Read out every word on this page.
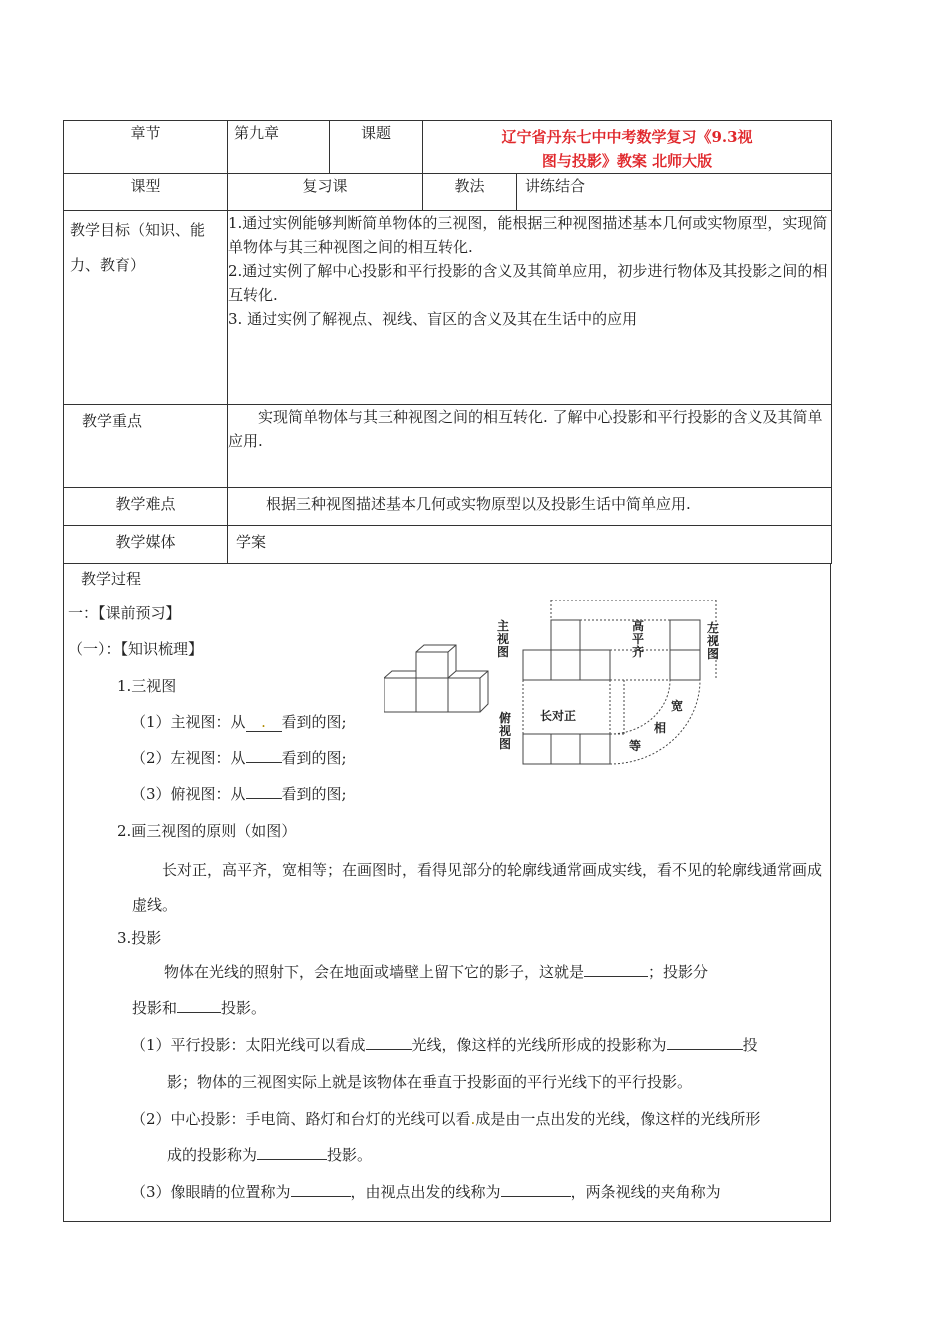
章节	第九章	课题	辽宁省丹东七中中考数学复习《9.3视
图与投影》教案 北师大版

课型	复习课		教法 讲练结合

教学目标（知识、能力、教育）	1.通过实例能够判断简单物体的三视图，能根据三种视图描述基本几何或实物原型，实现简单物体与其三种视图之间的相互转化.
2.通过实例了解中心投影和平行投影的含义及其简单应用，初步进行物体及其投影之间的相互转化.
3. 通过实例了解视点、视线、盲区的含义及其在生话中的应用		

教学重点	实现简单物体与其三种视图之间的相互转化. 了解中心投影和平行投影的含义及其简单应用.		
教学难点	根据三种视图描述基本几何或实物原型以及投影生话中简单应用.		
教学媒体	学案		

教学过程

一：【课前预习】

（一）：【知识梳理】

1.三视图

（1）主视图：从 . 看到的图;

（2）左视图：从 看到的图;

（3）俯视图：从 看到的图;

2.画三视图的原则（如图）

长对正，高平齐，宽相等；在画图时，看得见部分的轮廓线通常画成实线，看不见的轮廓线通常画成虚线。

3.投影

物体在光线的照射下，会在地面或墙壁上留下它的影子，这就是	；投影分

投影和	投影。

（1）平行投影：太阳光线可以看成	光线，像这样的光线所形成的投影称为	投

影；物体的三视图实际上就是该物体在垂直于投影面的平行光线下的平行投影。

（2）中心投影：手电筒、路灯和台灯的光线可以看.成是由一点出发的光线，像这样的光线所形

成的投影称为	投影。

（3）像眼睛的位置称为	，由视点出发的线称为	，两条视线的夹角称为

主视图
左视图
俯视图
高平齐
长对正
宽
相
等
